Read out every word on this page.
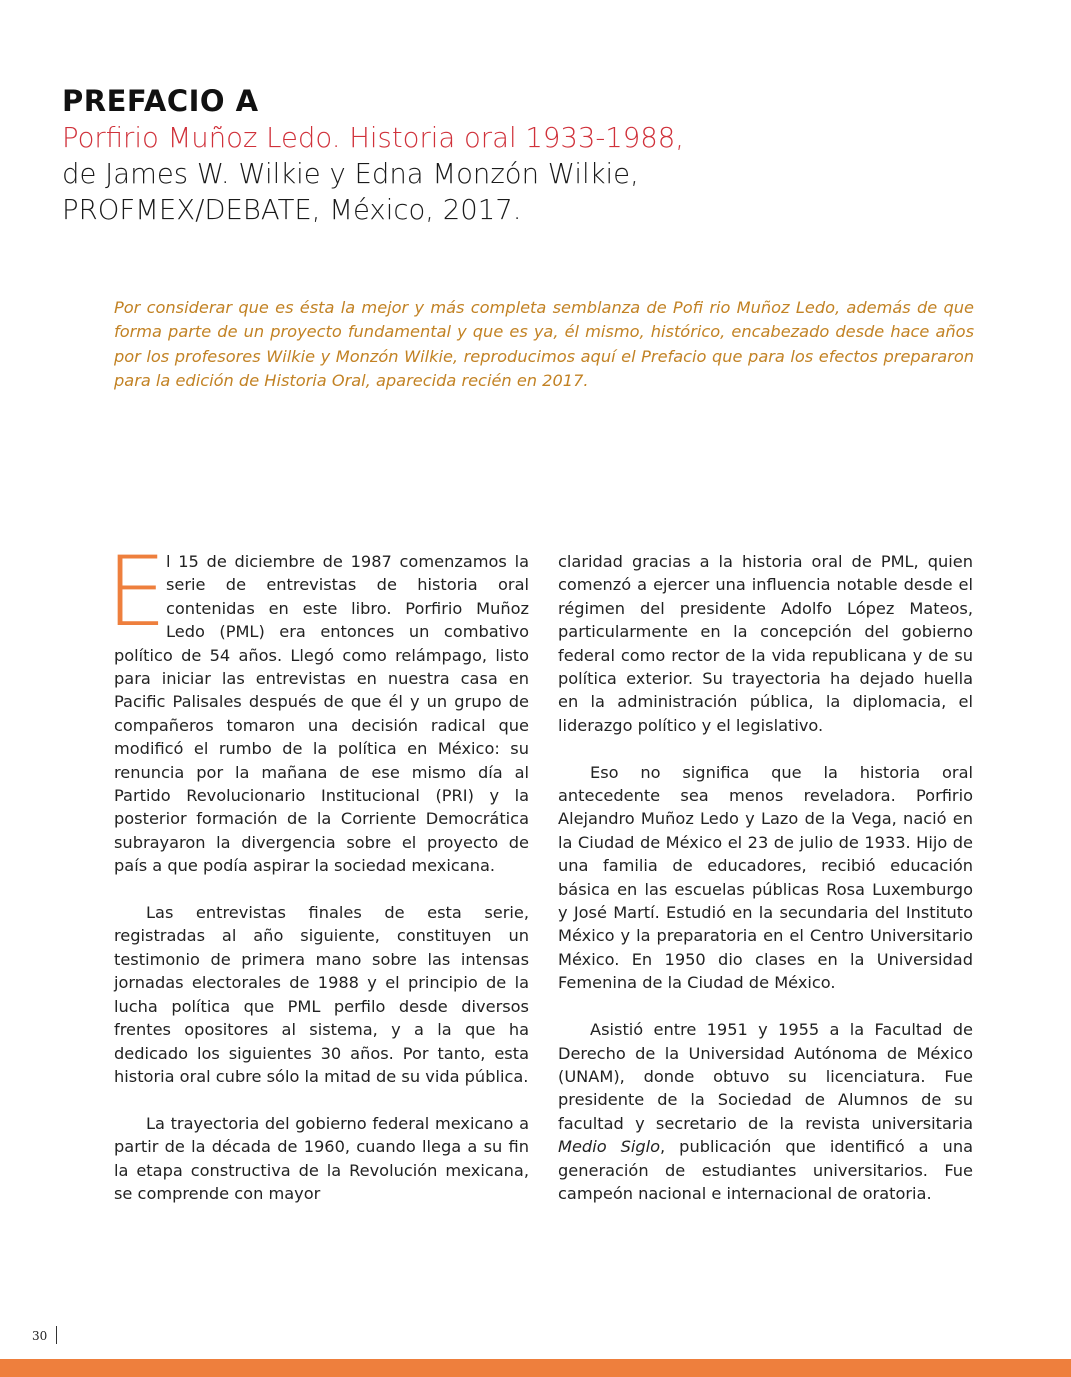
PREFACIO A
Porfirio Muñoz Ledo. Historia oral 1933-1988,
de James W. Wilkie y Edna Monzón Wilkie,
PROFMEX/DEBATE, México, 2017.
Por considerar que es ésta la mejor y más completa semblanza de Pofi rio Muñoz Ledo, además de que forma parte de un proyecto fundamental y que es ya, él mismo, histórico, encabezado desde hace años por los profesores Wilkie y Monzón Wilkie, reproducimos aquí el Prefacio que para los efectos prepararon para la edición de Historia Oral, aparecida recién en 2017.

El 15 de diciembre de 1987 comenzamos la serie de entrevistas de historia oral contenidas en este libro. Porfirio Muñoz Ledo (PML) era entonces un combativo político de 54 años. Llegó como relámpago, listo para iniciar las entrevistas en nuestra casa en Pacific Palisales después de que él y un grupo de compañeros tomaron una decisión radical que modificó el rumbo de la política en México: su renuncia por la mañana de ese mismo día al Partido Revolucionario Institucional (PRI) y la posterior formación de la Corriente Democrática subrayaron la divergencia sobre el proyecto de país a que podía aspirar la sociedad mexicana.

Las entrevistas finales de esta serie, registradas al año siguiente, constituyen un testimonio de primera mano sobre las intensas jornadas electorales de 1988 y el principio de la lucha política que PML perfilo desde diversos frentes opositores al sistema, y a la que ha dedicado los siguientes 30 años. Por tanto, esta historia oral cubre sólo la mitad de su vida pública.

La trayectoria del gobierno federal mexicano a partir de la década de 1960, cuando llega a su fin la etapa constructiva de la Revolución mexicana, se comprende con mayor

claridad gracias a la historia oral de PML, quien comenzó a ejercer una influencia notable desde el régimen del presidente Adolfo López Mateos, particularmente en la concepción del gobierno federal como rector de la vida republicana y de su política exterior. Su trayectoria ha dejado huella en la administración pública, la diplomacia, el liderazgo político y el legislativo.

Eso no significa que la historia oral antecedente sea menos reveladora. Porfirio Alejandro Muñoz Ledo y Lazo de la Vega, nació en la Ciudad de México el 23 de julio de 1933. Hijo de una familia de educadores, recibió educación básica en las escuelas públicas Rosa Luxemburgo y José Martí. Estudió en la secundaria del Instituto México y la preparatoria en el Centro Universitario México. En 1950 dio clases en la Universidad Femenina de la Ciudad de México.

Asistió entre 1951 y 1955 a la Facultad de Derecho de la Universidad Autónoma de México (UNAM), donde obtuvo su licenciatura. Fue presidente de la Sociedad de Alumnos de su facultad y secretario de la revista universitaria Medio Siglo, publicación que identificó a una generación de estudiantes universitarios. Fue campeón nacional e internacional de oratoria.

30
